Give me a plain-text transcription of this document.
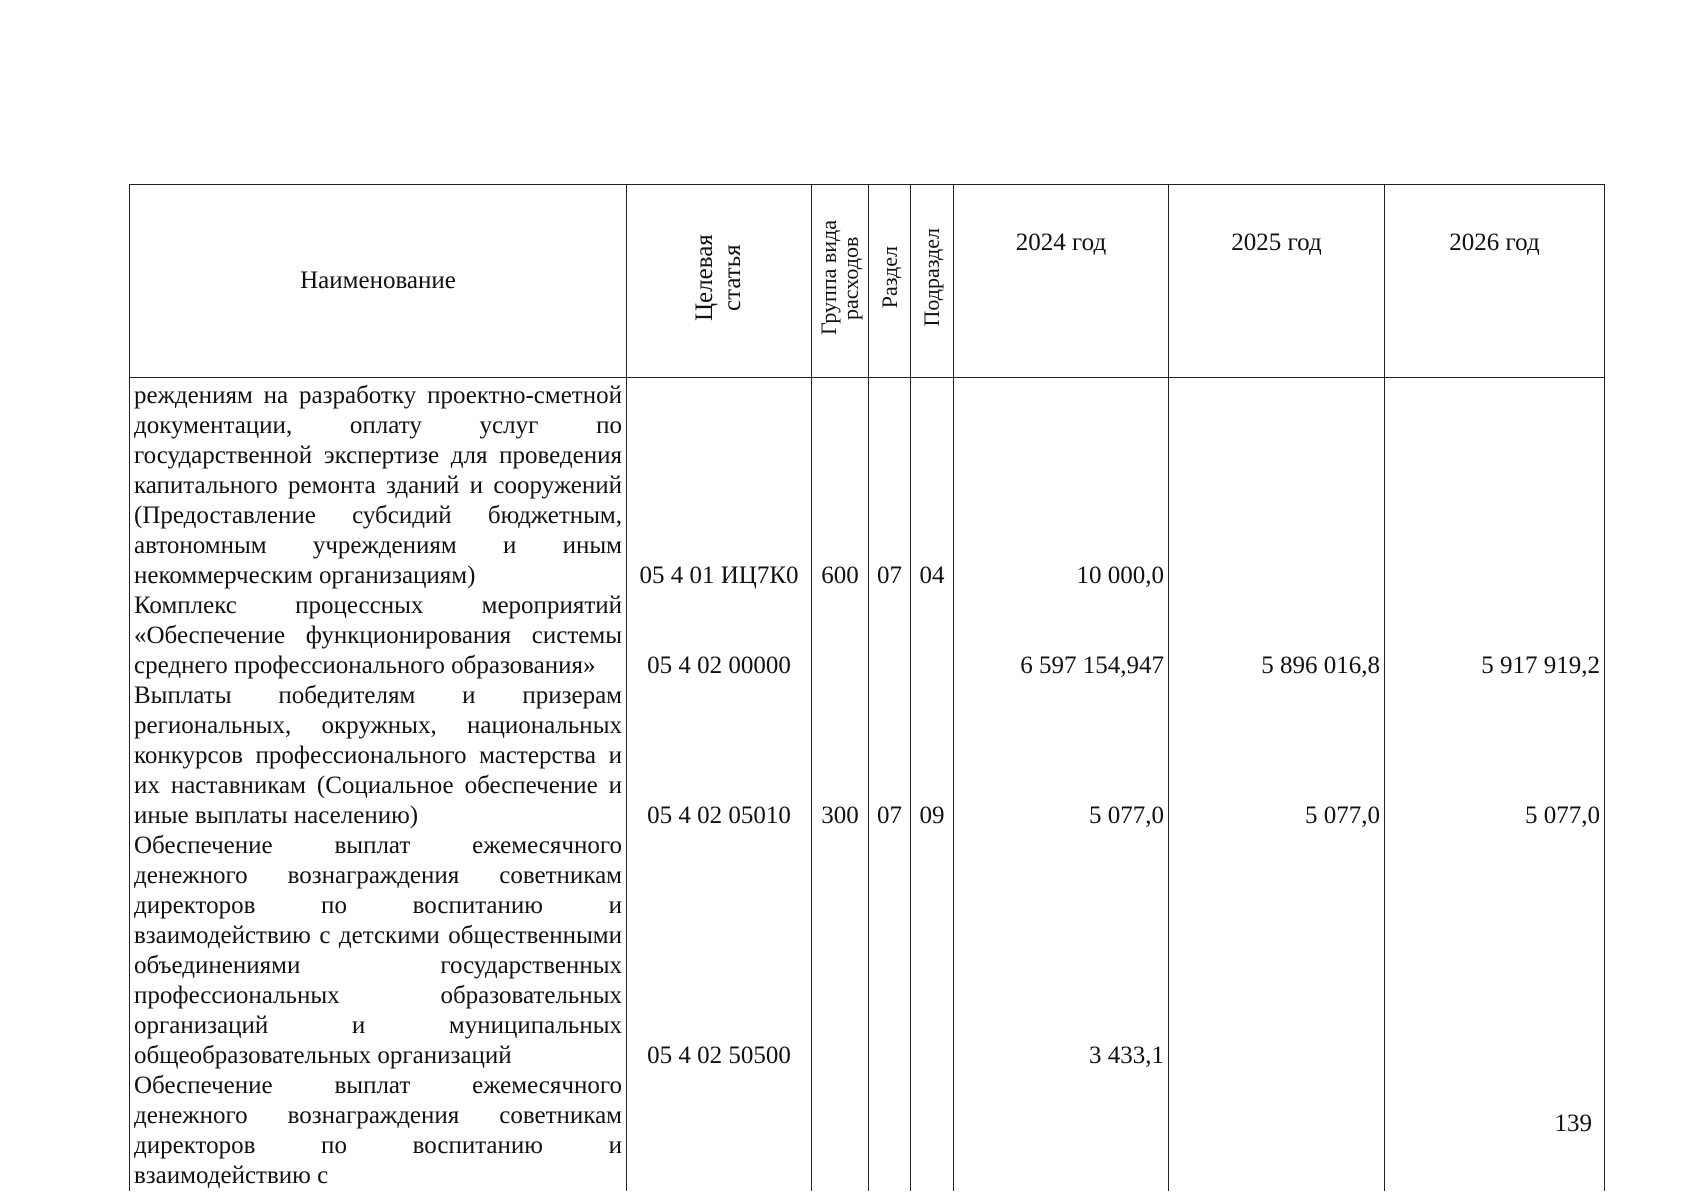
Наименование	Целевая статья	Группа вида расходов	Раздел	Подраздел	2024 год	2025 год	2026 год
реждениям на разработку проектно-сметной документации, оплату услуг по государственной экспертизе для проведения капитального ремонта зданий и сооружений (Предоставление субсидий бюджетным, автономным учреждениям и иным некоммерческим организациям)	05 4 01 ИЦ7К0	600	07	04	10 000,0		
Комплекс процессных мероприятий «Обеспечение функционирования системы среднего профессионального образования»	05 4 02 00000				6 597 154,947	5 896 016,8	5 917 919,2
Выплаты победителям и призерам региональных, окружных, национальных конкурсов профессионального мастерства и их наставникам (Социальное обеспечение и иные выплаты населению)	05 4 02 05010	300	07	09	5 077,0	5 077,0	5 077,0
Обеспечение выплат ежемесячного денежного вознаграждения советникам директоров по воспитанию и взаимодействию с детскими общественными объединениями государственных профессиональных образовательных организаций и муниципальных общеобразовательных организаций	05 4 02 50500				3 433,1		
Обеспечение выплат ежемесячного денежного вознаграждения советникам директоров по воспитанию и взаимодействию с							
139
